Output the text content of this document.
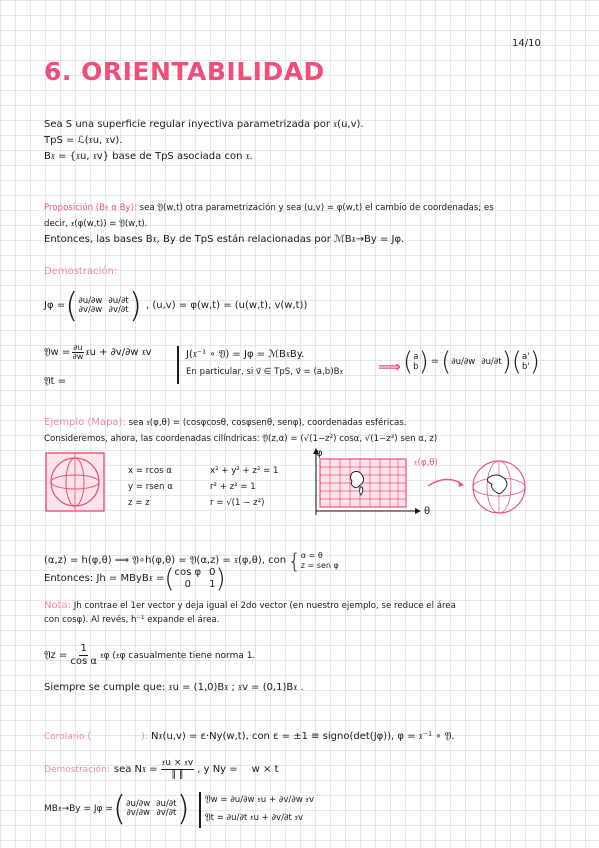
14/10
6. ORIENTABILIDAD
Sea S una superficie regular inyectiva parametrizada por 𝔵(u,v).
TpS = ℒ(𝔵u, 𝔵v).
B𝔵 = {𝔵u, 𝔵v} base de TpS asociada con 𝔵.
Proposición (B𝔵 α By): sea 𝔜(w,t) otra parametrización y sea (u,v) = φ(w,t) el cambio de coordenadas; es
decir, 𝔵(φ(w,t)) = 𝔜(w,t).
Entonces, las bases B𝔵, By de TpS están relacionadas por ℳB𝔵→By = Jφ.
Demostración:
Jφ = ( ∂u/∂w ∂u/∂t
∂v/∂w ∂v/∂t ) , (u,v) = φ(w,t) = (u(w,t), v(w,t))
𝔜w = $\frac{\partial u}{\partial w}$ 𝔵u + ∂v/∂w 𝔵v
𝔜t =
J(𝔵⁻¹ ∘ 𝔜) = Jφ = ℳB𝔵By.
En particular, si v⃗ ∈ TpS, v⃗ = (a,b)B𝔵 ⟹ ( a
b ) = ( ∂u/∂w ∂u/∂t ) ( a'
b' )
Ejemplo (Mapa): sea 𝔵(φ,θ) = (cosφcosθ, cosφsenθ, senφ), coordenadas esféricas.
Consideremos, ahora, las coordenadas cilíndricas: 𝔜(z,α) = (√(1−z²) cosα, √(1−z²) sen α, z)
x = rcos α
y = rsen α
z = z
x² + y² + z² = 1
r² + z² = 1
r = √(1 − z²)
φ
θ
𝔵(φ,θ)
(α,z) = h(φ,θ) ⟹ 𝔜∘h(φ,θ) = 𝔜(α,z) = 𝔵(φ,θ), con { α = θ
z = sen φ
Entonces: Jh = MByB𝔵 = ( cos φ 0
0	1 )
Nota: Jh contrae el 1er vector y deja igual el 2do vector (en nuestro ejemplo, se reduce el área
con cosφ). Al revés, h⁻¹ expande el área.
𝔜z = $\frac{1}{\text{cos α}}$ 𝔵φ (𝔵φ casualmente tiene norma 1.
Siempre se cumple que: 𝔵u = (1,0)B𝔵 ; 𝔵v = (0,1)B𝔵 .
Corolario (	): N𝔵(u,v) = ε·Ny(w,t), con ε = ±1 ≡ signo(det(Jφ)), φ = 𝔵⁻¹ ∘ 𝔜.
Demostración: sea N𝔵 = $\frac{\text{𝔵u × 𝔵v}}{‖ ‖}$ , y Ny = w × t
MB𝔵→By = Jφ = ( ∂u/∂w ∂u/∂t
∂v/∂w ∂v/∂t ) 𝔜w = ∂u/∂w 𝔵u + ∂v/∂w 𝔵v
𝔜t = ∂u/∂t 𝔵u + ∂v/∂t 𝔵v
